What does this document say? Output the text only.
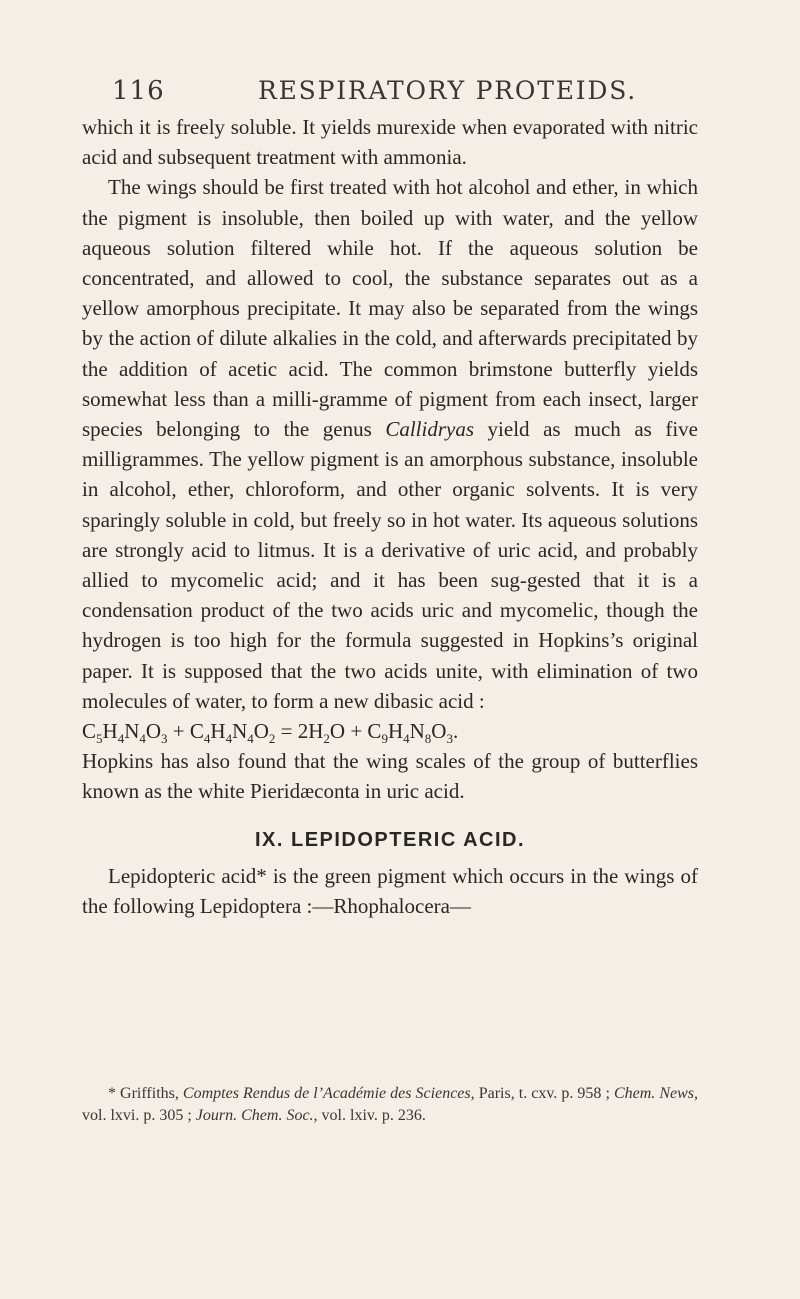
116	RESPIRATORY PROTEIDS.

which it is freely soluble. It yields murexide when evaporated with nitric acid and subsequent treatment with ammonia.

The wings should be first treated with hot alcohol and ether, in which the pigment is insoluble, then boiled up with water, and the yellow aqueous solution filtered while hot. If the aqueous solution be concentrated, and allowed to cool, the substance separates out as a yellow amorphous precipitate. It may also be separated from the wings by the action of dilute alkalies in the cold, and afterwards precipitated by the addition of acetic acid. The common brimstone butterfly yields somewhat less than a milli-gramme of pigment from each insect, larger species belonging to the genus Callidryas yield as much as five milligrammes. The yellow pigment is an amorphous substance, insoluble in alcohol, ether, chloroform, and other organic solvents. It is very sparingly soluble in cold, but freely so in hot water. Its aqueous solutions are strongly acid to litmus. It is a derivative of uric acid, and probably allied to mycomelic acid; and it has been sug-gested that it is a condensation product of the two acids uric and mycomelic, though the hydrogen is too high for the formula suggested in Hopkins’s original paper. It is supposed that the two acids unite, with elimination of two molecules of water, to form a new dibasic acid :

$C_5H_4N_4O_3 + C_4H_4N_4O_2 = 2H_2O + C_9H_4N_8O_3$.

Hopkins has also found that the wing scales of the group of butterflies known as the white Pieridæconta in uric acid.

IX. LEPIDOPTERIC ACID.

Lepidopteric acid* is the green pigment which occurs in the wings of the following Lepidoptera :—Rhophalocera—

* Griffiths, Comptes Rendus de l’Académie des Sciences, Paris, t. cxv. p. 958 ; Chem. News, vol. lxvi. p. 305 ; Journ. Chem. Soc., vol. lxiv. p. 236.
